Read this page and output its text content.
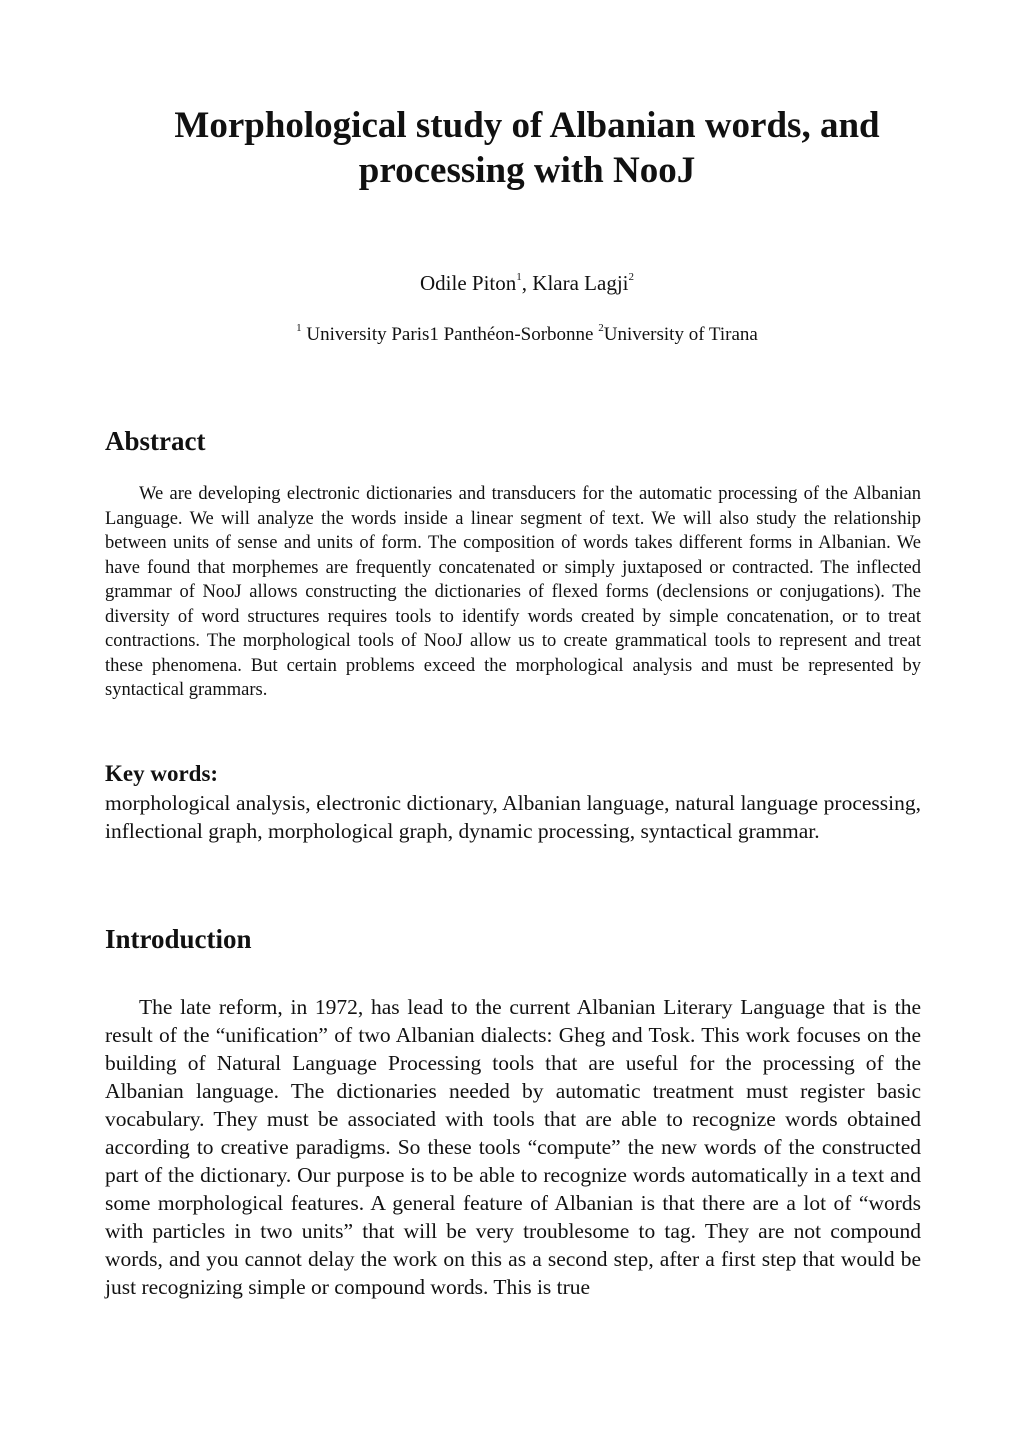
Morphological study of Albanian words, and
processing with NooJ
Odile Piton$^1$, Klara Lagji$^2$
$^1$ University Paris1 Panthéon-Sorbonne $^2$University of Tirana
Abstract

We are developing electronic dictionaries and transducers for the automatic processing of the Albanian Language. We will analyze the words inside a linear segment of text. We will also study the relationship between units of sense and units of form. The composition of words takes different forms in Albanian. We have found that morphemes are frequently concatenated or simply juxtaposed or contracted. The inflected grammar of NooJ allows constructing the dictionaries of flexed forms (declensions or conjugations). The diversity of word structures requires tools to identify words created by simple concatenation, or to treat contractions. The morphological tools of NooJ allow us to create grammatical tools to represent and treat these phenomena. But certain problems exceed the morphological analysis and must be represented by syntactical grammars.

Key words:

morphological analysis, electronic dictionary, Albanian language, natural language processing, inflectional graph, morphological graph, dynamic processing, syntactical grammar.

Introduction

The late reform, in 1972, has lead to the current Albanian Literary Language that is the result of the “unification” of two Albanian dialects: Gheg and Tosk. This work focuses on the building of Natural Language Processing tools that are useful for the processing of the Albanian language. The dictionaries needed by automatic treatment must register basic vocabulary. They must be associated with tools that are able to recognize words obtained according to creative paradigms. So these tools “compute” the new words of the constructed part of the dictionary. Our purpose is to be able to recognize words automatically in a text and some morphological features. A general feature of Albanian is that there are a lot of “words with particles in two units” that will be very troublesome to tag. They are not compound words, and you cannot delay the work on this as a second step, after a first step that would be just recognizing simple or compound words. This is true
